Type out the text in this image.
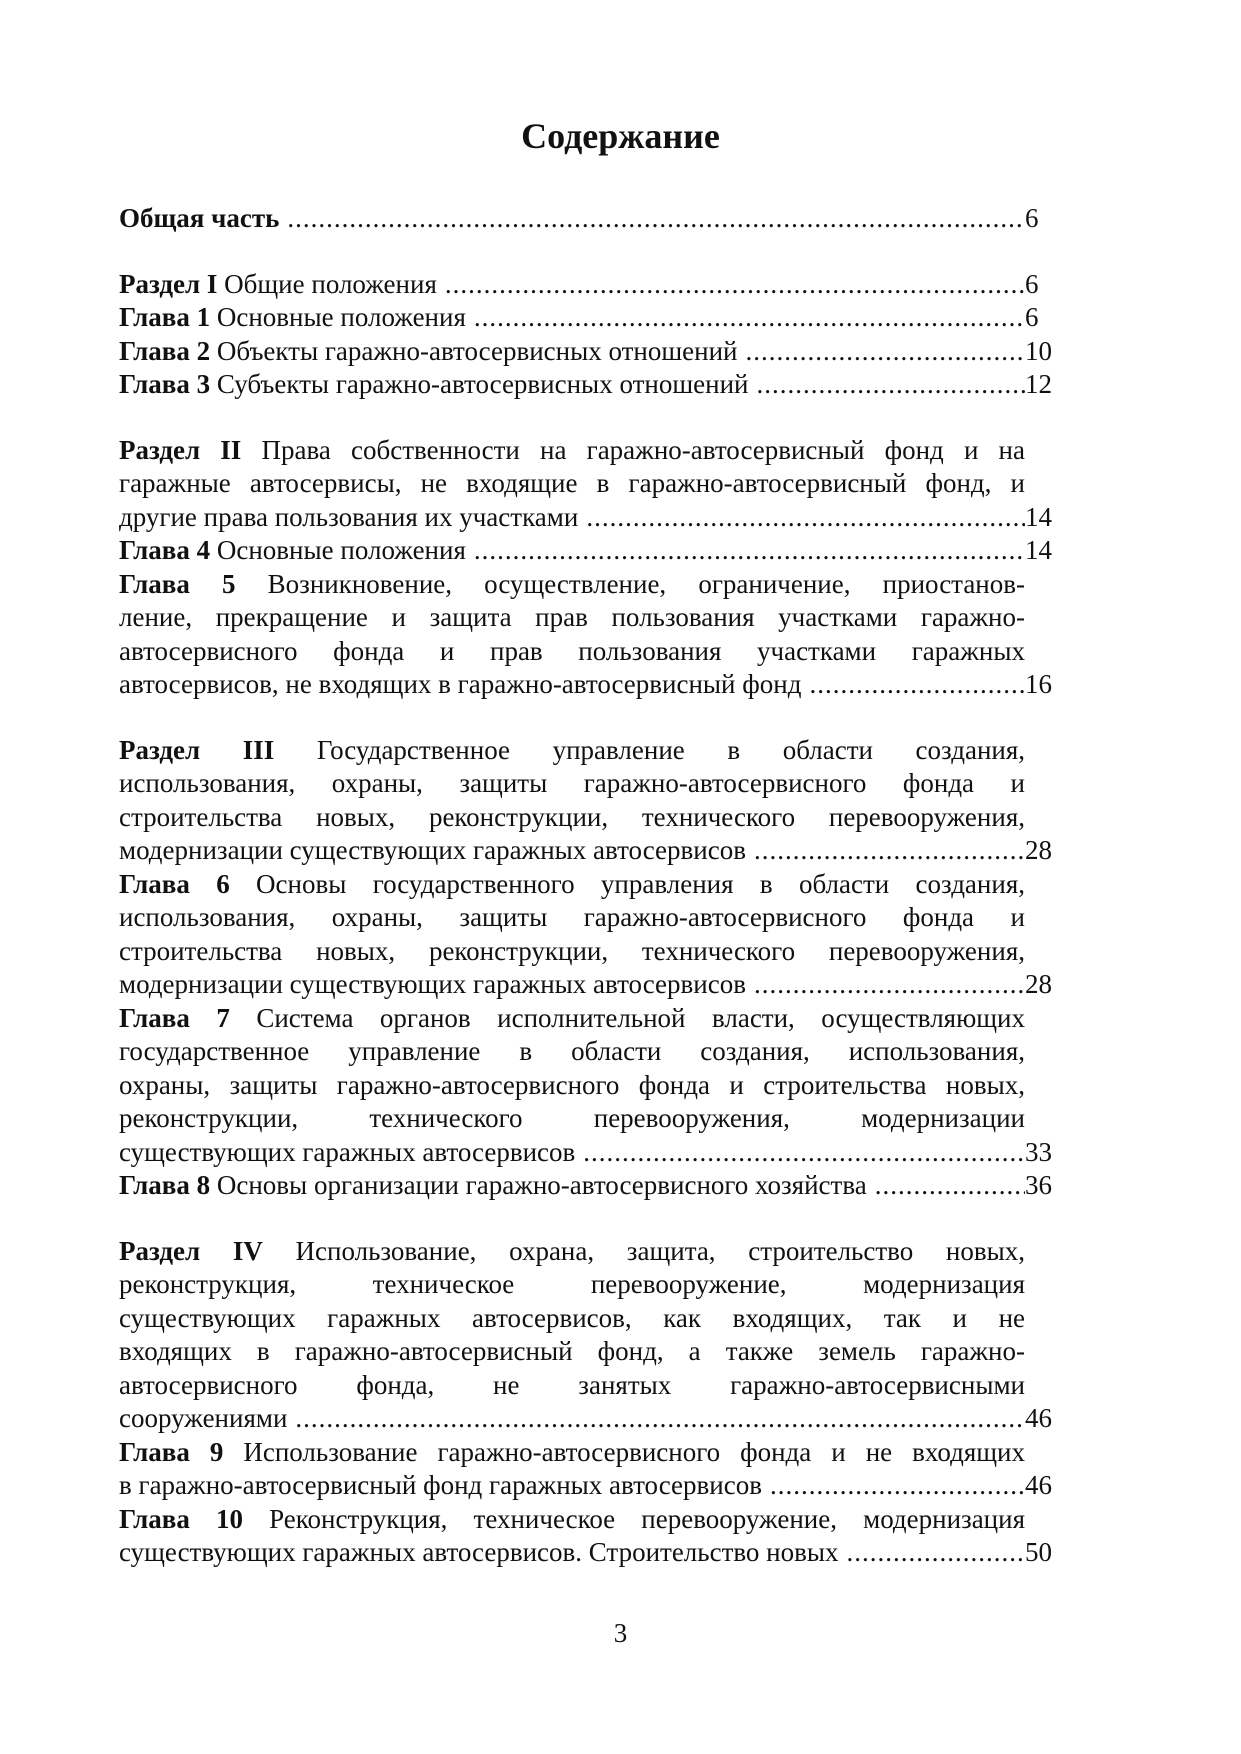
Содержание
Общая часть .....	6
Раздел I Общие положения .....	6
Глава 1 Основные положения .....	6
Глава 2 Объекты гаражно-автосервисных отношений .....	10
Глава 3 Субъекты гаражно-автосервисных отношений .....	12
Раздел II Права собственности на гаражно-автосервисный фонд и на
гаражные автосервисы, не входящие в гаражно-автосервисный фонд, и
другие права пользования их участками .....	14
Глава 4 Основные положения .....	14
Глава 5 Возникновение, осуществление, ограничение, приостанов-
ление, прекращение и защита прав пользования участками гаражно-
автосервисного фонда и прав пользования участками гаражных
автосервисов, не входящих в гаражно-автосервисный фонд .....	16
Раздел III Государственное управление в области создания,
использования, охраны, защиты гаражно-автосервисного фонда и
строительства новых, реконструкции, технического перевооружения,
модернизации существующих гаражных автосервисов .....	28
Глава 6 Основы государственного управления в области создания,
использования, охраны, защиты гаражно-автосервисного фонда и
строительства новых, реконструкции, технического перевооружения,
модернизации существующих гаражных автосервисов .....	28
Глава 7 Система органов исполнительной власти, осуществляющих
государственное управление в области создания, использования,
охраны, защиты гаражно-автосервисного фонда и строительства новых,
реконструкции, технического перевооружения, модернизации
существующих гаражных автосервисов .....	33
Глава 8 Основы организации гаражно-автосервисного хозяйства .....	36
Раздел IV Использование, охрана, защита, строительство новых,
реконструкция, техническое перевооружение, модернизация
существующих гаражных автосервисов, как входящих, так и не
входящих в гаражно-автосервисный фонд, а также земель гаражно-
автосервисного фонда, не занятых гаражно-автосервисными
сооружениями .....	46
Глава 9 Использование гаражно-автосервисного фонда и не входящих
в гаражно-автосервисный фонд гаражных автосервисов .....	46
Глава 10 Реконструкция, техническое перевооружение, модернизация
существующих гаражных автосервисов. Строительство новых .....	50
3
